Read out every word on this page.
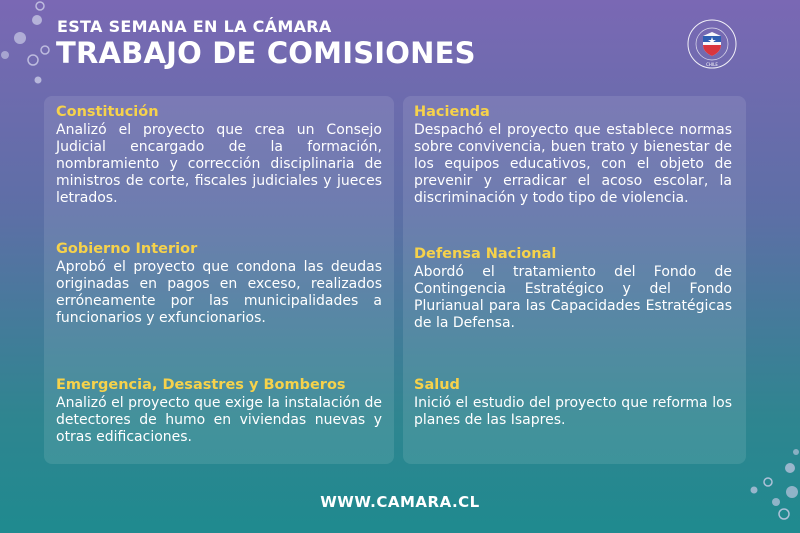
ESTA SEMANA EN LA CÁMARA
TRABAJO DE COMISIONES	CHILE
Constitución
Analizó el proyecto que crea un Consejo Judicial encargado de la formación, nombramiento y corrección disciplinaria de ministros de corte, fiscales judiciales y jueces letrados.
Gobierno Interior
Aprobó el proyecto que condona las deudas originadas en pagos en exceso, realizados erróneamente por las municipalidades a funcionarios y exfuncionarios.
Emergencia, Desastres y Bomberos
Analizó el proyecto que exige la instalación de detectores de humo en viviendas nuevas y otras edificaciones.
Hacienda
Despachó el proyecto que establece normas sobre convivencia, buen trato y bienestar de los equipos educativos, con el objeto de prevenir y erradicar el acoso escolar, la discriminación y todo tipo de violencia.
Defensa Nacional
Abordó el tratamiento del Fondo de Contingencia Estratégico y del Fondo Plurianual para las Capacidades Estratégicas de la Defensa.
Salud
Inició el estudio del proyecto que reforma los planes de las Isapres.
WWW.CAMARA.CL
